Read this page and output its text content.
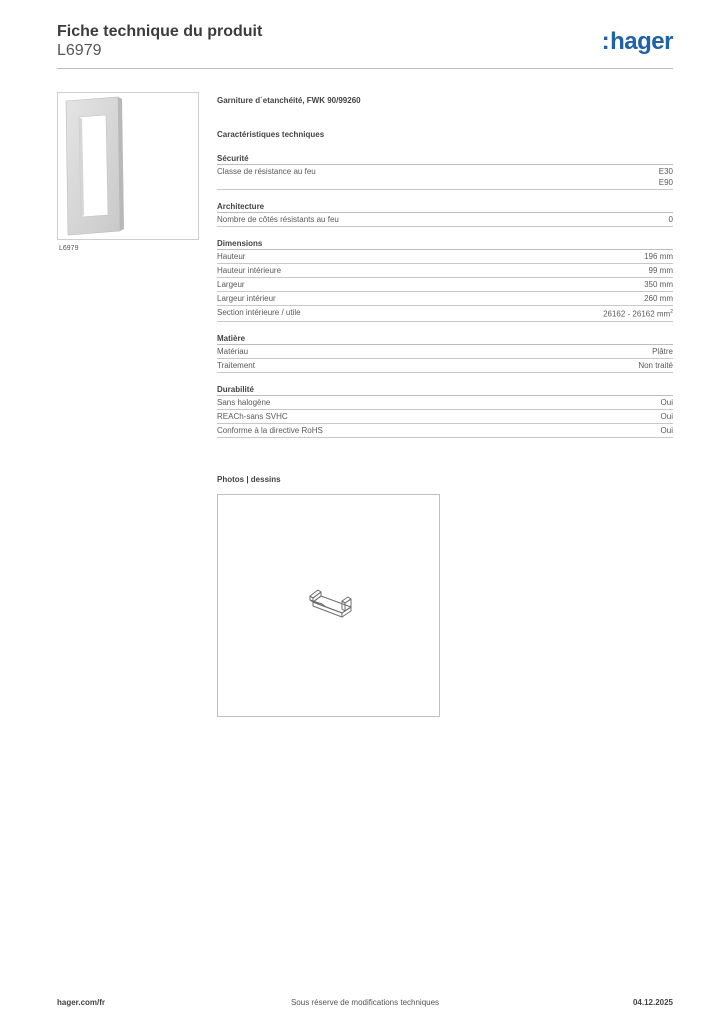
Fiche technique du produit
L6979	:hager
L6979
Garniture d´etanchéité, FWK 90/99260
Caractéristiques techniques
Sécurité
Classe de résistance au feu	E30
E90
Architecture
Nombre de côtés résistants au feu	0
Dimensions
Hauteur	196 mm
Hauteur intérieure	99 mm
Largeur	350 mm
Largeur intérieur	260 mm
Section intérieure / utile	26162 - 26162 $mm^2$
Matière
Matériau	Plâtre
Traitement	Non traité
Durabilité
Sans halogène	Oui
REACh-sans SVHC	Oui
Conforme à la directive RoHS	Oui
Photos | dessins
hager.com/fr	Sous réserve de modifications techniques	04.12.2025
